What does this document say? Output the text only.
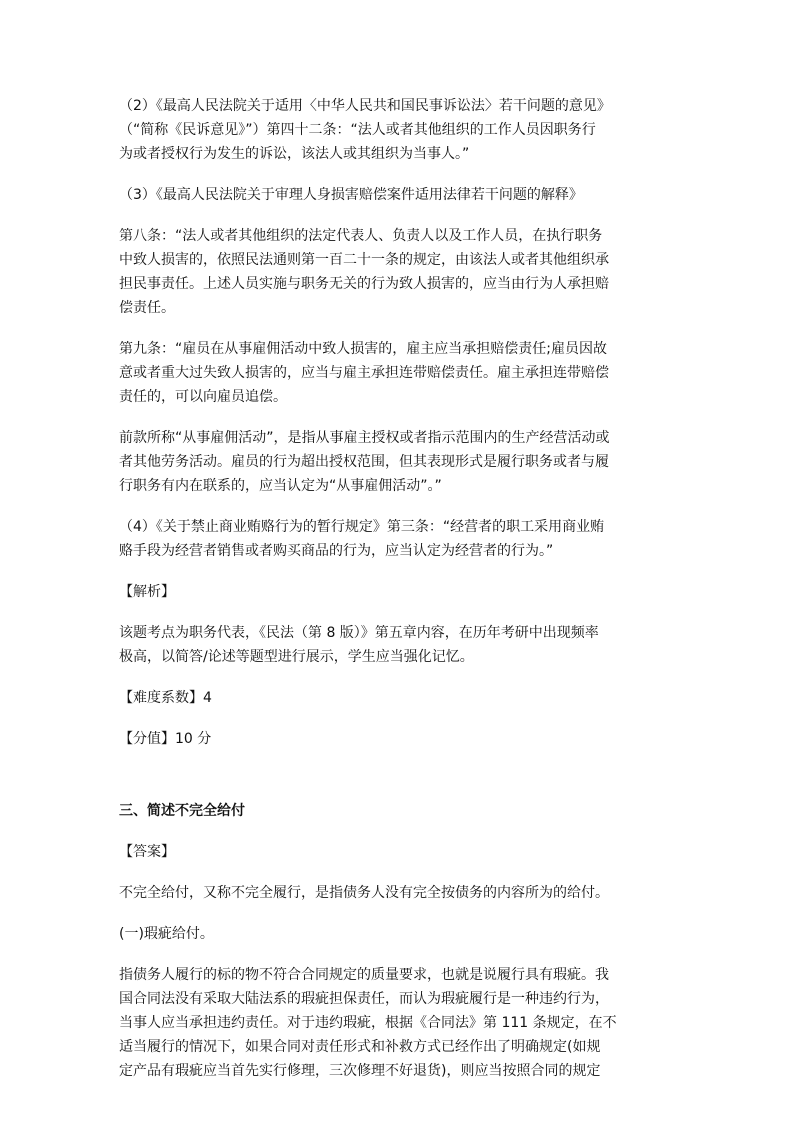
（2）《最高人民法院关于适用〈中华人民共和国民事诉讼法〉若干问题的意见》
（“简称《民诉意见》”）第四十二条：“法人或者其他组织的工作人员因职务行
为或者授权行为发生的诉讼，该法人或其组织为当事人。”

（3）《最高人民法院关于审理人身损害赔偿案件适用法律若干问题的解释》

第八条：“法人或者其他组织的法定代表人、负责人以及工作人员，在执行职务
中致人损害的，依照民法通则第一百二十一条的规定，由该法人或者其他组织承
担民事责任。上述人员实施与职务无关的行为致人损害的，应当由行为人承担赔
偿责任。

第九条：“雇员在从事雇佣活动中致人损害的，雇主应当承担赔偿责任;雇员因故
意或者重大过失致人损害的，应当与雇主承担连带赔偿责任。雇主承担连带赔偿
责任的，可以向雇员追偿。

前款所称“从事雇佣活动”，是指从事雇主授权或者指示范围内的生产经营活动或
者其他劳务活动。雇员的行为超出授权范围，但其表现形式是履行职务或者与履
行职务有内在联系的，应当认定为“从事雇佣活动”。”

（4）《关于禁止商业贿赂行为的暂行规定》第三条：“经营者的职工采用商业贿
赂手段为经营者销售或者购买商品的行为，应当认定为经营者的行为。”

【解析】

该题考点为职务代表，《民法（第 8 版）》第五章内容，在历年考研中出现频率
极高，以简答/论述等题型进行展示，学生应当强化记忆。

【难度系数】4

【分值】10 分

三、简述不完全给付

【答案】

不完全给付，又称不完全履行，是指债务人没有完全按债务的内容所为的给付。

(一)瑕疵给付。

指债务人履行的标的物不符合合同规定的质量要求，也就是说履行具有瑕疵。我
国合同法没有采取大陆法系的瑕疵担保责任，而认为瑕疵履行是一种违约行为，
当事人应当承担违约责任。对于违约瑕疵，根据《合同法》第 111 条规定，在不
适当履行的情况下，如果合同对责任形式和补救方式已经作出了明确规定(如规
定产品有瑕疵应当首先实行修理，三次修理不好退货)，则应当按照合同的规定
